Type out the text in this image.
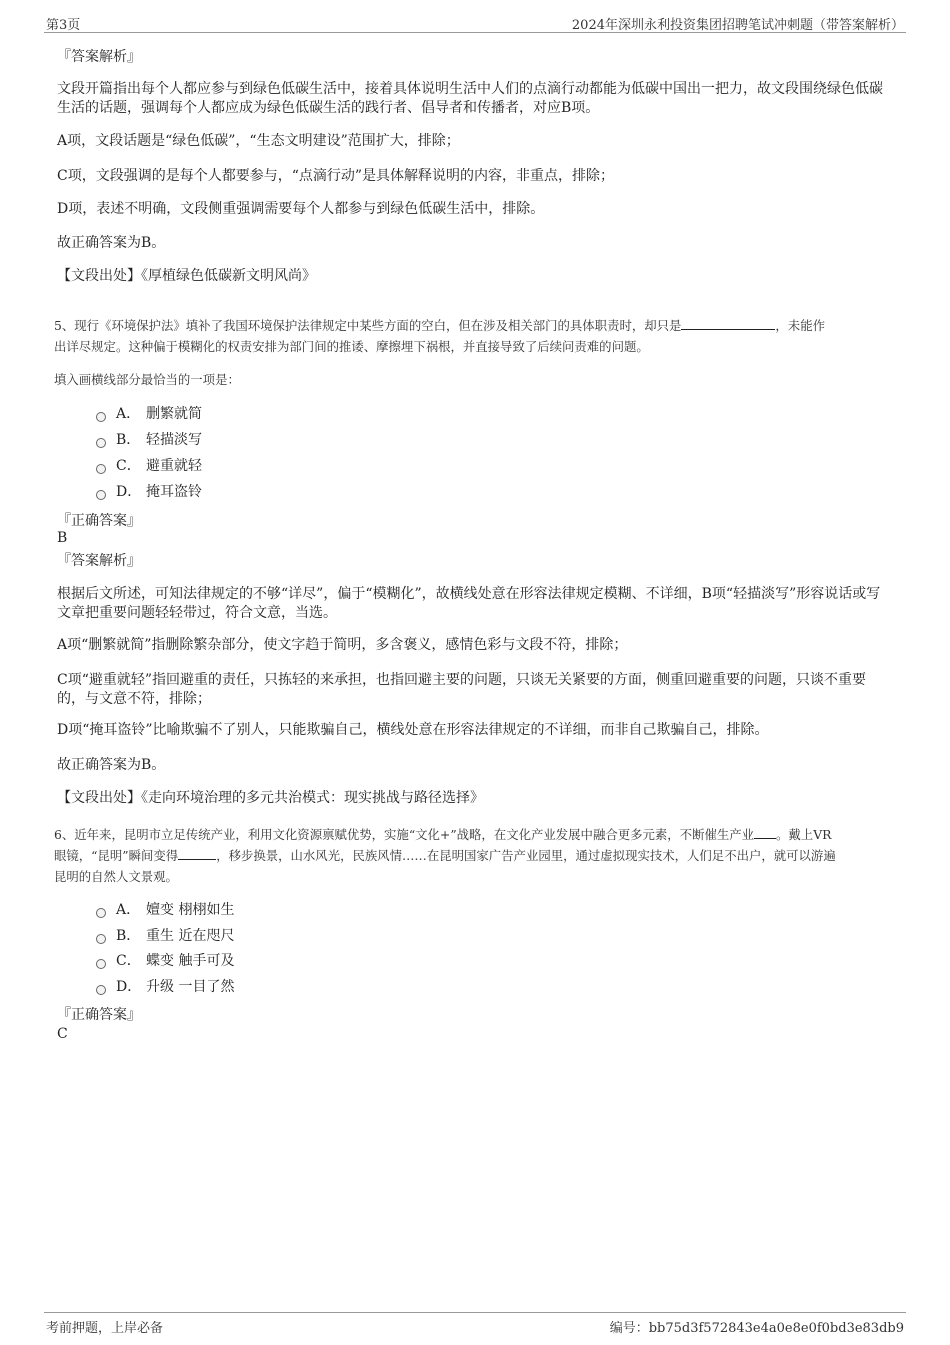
第3页	2024年深圳永利投资集团招聘笔试冲刺题（带答案解析）

『答案解析』

文段开篇指出每个人都应参与到绿色低碳生活中，接着具体说明生活中人们的点滴行动都能为低碳中国出一把力，故文段围绕绿色低碳生活的话题，强调每个人都应成为绿色低碳生活的践行者、倡导者和传播者，对应B项。

A项，文段话题是“绿色低碳”，“生态文明建设”范围扩大，排除；

C项，文段强调的是每个人都要参与，“点滴行动”是具体解释说明的内容，非重点，排除；

D项，表述不明确，文段侧重强调需要每个人都参与到绿色低碳生活中，排除。

故正确答案为B。

【文段出处】《厚植绿色低碳新文明风尚》

5、现行《环境保护法》填补了我国环境保护法律规定中某些方面的空白，但在涉及相关部门的具体职责时，却只是	，未能作
出详尽规定。这种偏于模糊化的权责安排为部门间的推诿、摩擦埋下祸根，并直接导致了后续问责难的问题。

填入画横线部分最恰当的一项是：

A． 删繁就简
B． 轻描淡写
C． 避重就轻
D． 掩耳盗铃

『正确答案』

B

『答案解析』

根据后文所述，可知法律规定的不够“详尽”，偏于“模糊化”，故横线处意在形容法律规定模糊、不详细，B项“轻描淡写”形容说话或写文章把重要问题轻轻带过，符合文意，当选。

A项“删繁就简”指删除繁杂部分，使文字趋于简明，多含褒义，感情色彩与文段不符，排除；

C项“避重就轻”指回避重的责任，只拣轻的来承担，也指回避主要的问题，只谈无关紧要的方面，侧重回避重要的问题，只谈不重要的，与文意不符，排除；

D项“掩耳盗铃”比喻欺骗不了别人，只能欺骗自己，横线处意在形容法律规定的不详细，而非自己欺骗自己，排除。

故正确答案为B。

【文段出处】《走向环境治理的多元共治模式：现实挑战与路径选择》

6、近年来，昆明市立足传统产业，利用文化资源禀赋优势，实施“文化+”战略，在文化产业发展中融合更多元素，不断催生产业 。戴上VR
眼镜，“昆明”瞬间变得	，移步换景，山水风光，民族风情……在昆明国家广告产业园里，通过虚拟现实技术，人们足不出户，就可以游遍
昆明的自然人文景观。
A． 嬗变 栩栩如生
B． 重生 近在咫尺
C． 蝶变 触手可及
D． 升级 一目了然

『正确答案』

C

考前押题，上岸必备	编号：bb75d3f572843e4a0e8e0f0bd3e83db9
